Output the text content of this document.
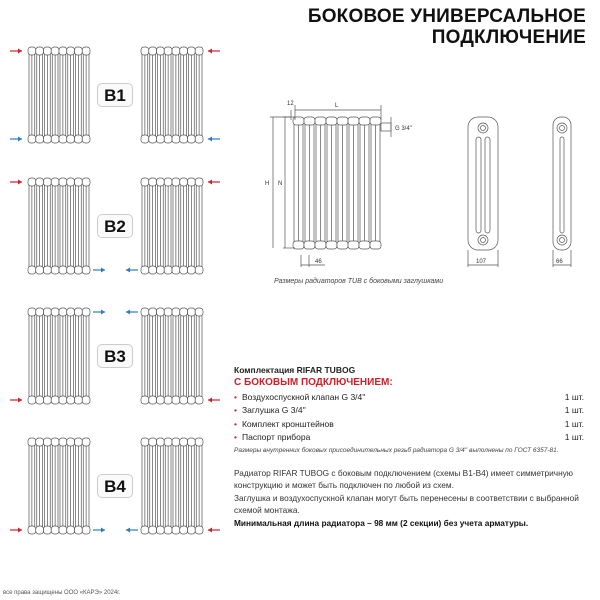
БОКОВОЕ УНИВЕРСАЛЬНОЕ
ПОДКЛЮЧЕНИЕ
B1
B2
B3
B4
12	L
H N
46
G 3/4''
107	66
Размеры радиаторов TUB с боковыми заглушками
Комплектация RIFAR TUBOG
С БОКОВЫМ ПОДКЛЮЧЕНИЕМ:
• Воздухоспускной клапан G 3/4''	1 шт.
• Заглушка G 3/4''	1 шт.
• Комплект кронштейнов	1 шт.
• Паспорт прибора	1 шт.
Размеры внутренних боковых присоединительных резьб радиатора G 3/4'' выполнены по ГОСТ 6357-81.

Радиатор RIFAR TUBOG с боковым подключением (схемы B1-B4) имеет симметричную конструкцию и может быть подключен по любой из схем.

Заглушка и воздухоспускной клапан могут быть перенесены в соответствии с выбранной схемой монтажа.

Минимальная длина радиатора – 98 мм (2 секции) без учета арматуры.

все права защищены ООО «КАРЭ» 2024г.
